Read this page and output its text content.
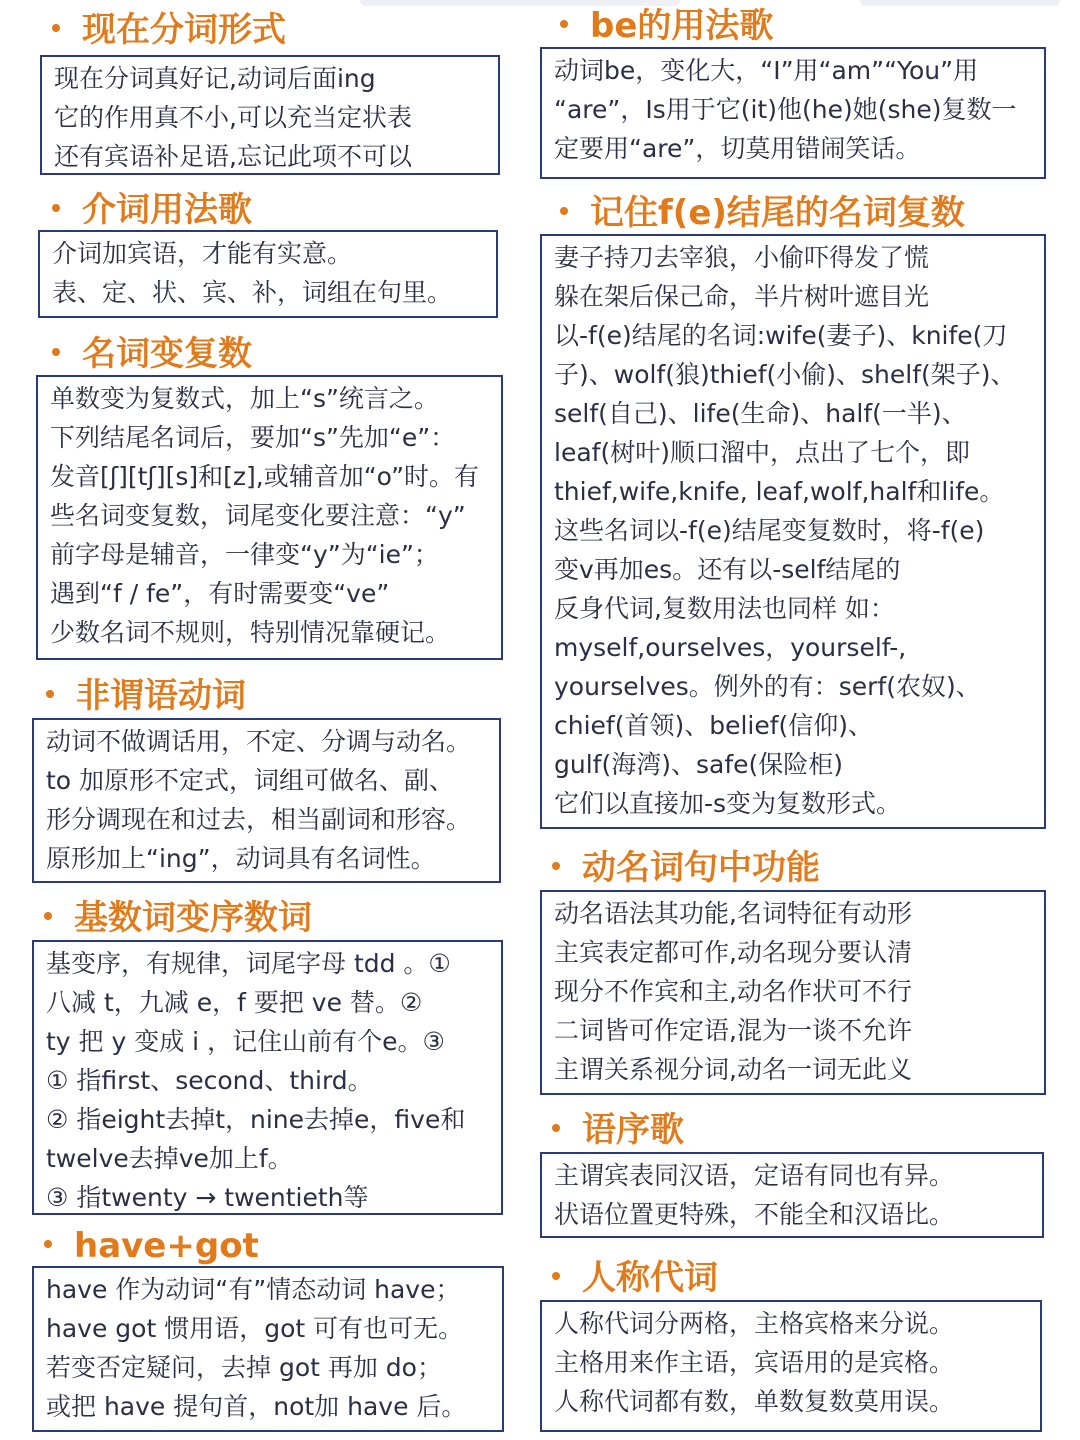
现在分词形式
现在分词真好记,动词后面ing
它的作用真不小,可以充当定状表
还有宾语补足语,忘记此项不可以
介词用法歌
介词加宾语，才能有实意。
表、定、状、宾、补，词组在句里。
名词变复数
单数变为复数式，加上“s”统言之。
下列结尾名词后，要加“s”先加“e”：
发音[ʃ][tʃ][s]和[z],或辅音加“o”时。有
些名词变复数，词尾变化要注意：“y”
前字母是辅音，一律变“y”为“ie”；
遇到“f / fe”，有时需要变“ve”
少数名词不规则，特别情况靠硬记。
非谓语动词
动词不做调话用，不定、分调与动名。
to 加原形不定式，词组可做名、副、
形分调现在和过去，相当副词和形容。
原形加上“ing”，动词具有名词性。
基数词变序数词
基变序，有规律，词尾字母 tdd 。①
八减 t，九减 e，f 要把 ve 替。②
ty 把 y 变成 i ，记住山前有个e。③
① 指first、second、third。
② 指eight去掉t，nine去掉e，five和
twelve去掉ve加上f。
③ 指twenty → twentieth等
have+got
have 作为动词“有”情态动词 have；
have got 惯用语，got 可有也可无。
若变否定疑问，去掉 got 再加 do；
或把 have 提句首，not加 have 后。
be的用法歌
动词be，变化大，“I”用“am”“You”用
“are”，Is用于它(it)他(he)她(she)复数一
定要用“are”，切莫用错闹笑话。
记住f(e)结尾的名词复数
妻子持刀去宰狼，小偷吓得发了慌
躲在架后保己命，半片树叶遮目光
以-f(e)结尾的名词:wife(妻子)、knife(刀
子)、wolf(狼)thief(小偷)、shelf(架子)、
self(自己)、life(生命)、half(一半)、
leaf(树叶)顺口溜中，点出了七个，即
thief,wife,knife, leaf,wolf,half和life。
这些名词以-f(e)结尾变复数时，将-f(e)
变v再加es。还有以-self结尾的
反身代词,复数用法也同样 如：
myself,ourselves，yourself-,
yourselves。例外的有：serf(农奴)、
chief(首领)、belief(信仰)、
gulf(海湾)、safe(保险柜)
它们以直接加-s变为复数形式。
动名词句中功能
动名语法其功能,名词特征有动形
主宾表定都可作,动名现分要认清
现分不作宾和主,动名作状可不行
二词皆可作定语,混为一谈不允许
主谓关系视分词,动名一词无此义
语序歌
主谓宾表同汉语，定语有同也有异。
状语位置更特殊，不能全和汉语比。
人称代词
人称代词分两格，主格宾格来分说。
主格用来作主语，宾语用的是宾格。
人称代词都有数，单数复数莫用误。
